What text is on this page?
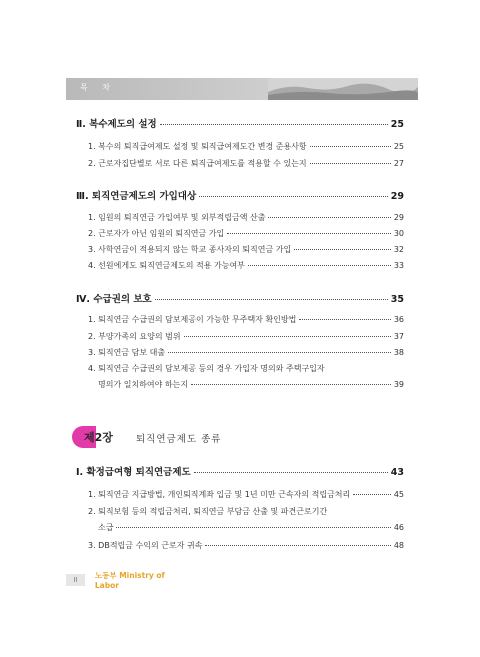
목 차
Ⅱ. 복수제도의 설정	25
1. 복수의 퇴직급여제도 설정 및 퇴직급여제도간 변경 준용사항	25
2. 근로자집단별로 서로 다른 퇴직급여제도를 적용할 수 있는지	27
Ⅲ. 퇴직연금제도의 가입대상	29
1. 임원의 퇴직연금 가입여부 및 외부적립금액 산출	29
2. 근로자가 아닌 임원의 퇴직연금 가입	30
3. 사학연금이 적용되지 않는 학교 종사자의 퇴직연금 가입	32
4. 선원에게도 퇴직연금제도의 적용 가능여부	33
Ⅳ. 수급권의 보호	35
1. 퇴직연금 수급권의 담보제공이 가능한 무주택자 확인방법	36
2. 부양가족의 요양의 범위	37
3. 퇴직연금 담보 대출	38
4. 퇴직연금 수급권의 담보제공 등의 경우 가입자 명의와 주택구입자
명의가 일치하여야 하는지	39
제2장 퇴직연금제도 종류
Ⅰ. 확정급여형 퇴직연금제도	43
1. 퇴직연금 지급방법, 개인퇴직계좌 입금 및 1년 미만 근속자의 적립금처리	45
2. 퇴직보험 등의 적립금처리, 퇴직연금 부담금 산출 및 파견근로기간
소급	46
3. DB적립금 수익의 근로자 귀속	48
II	노동부 Ministry of Labor
